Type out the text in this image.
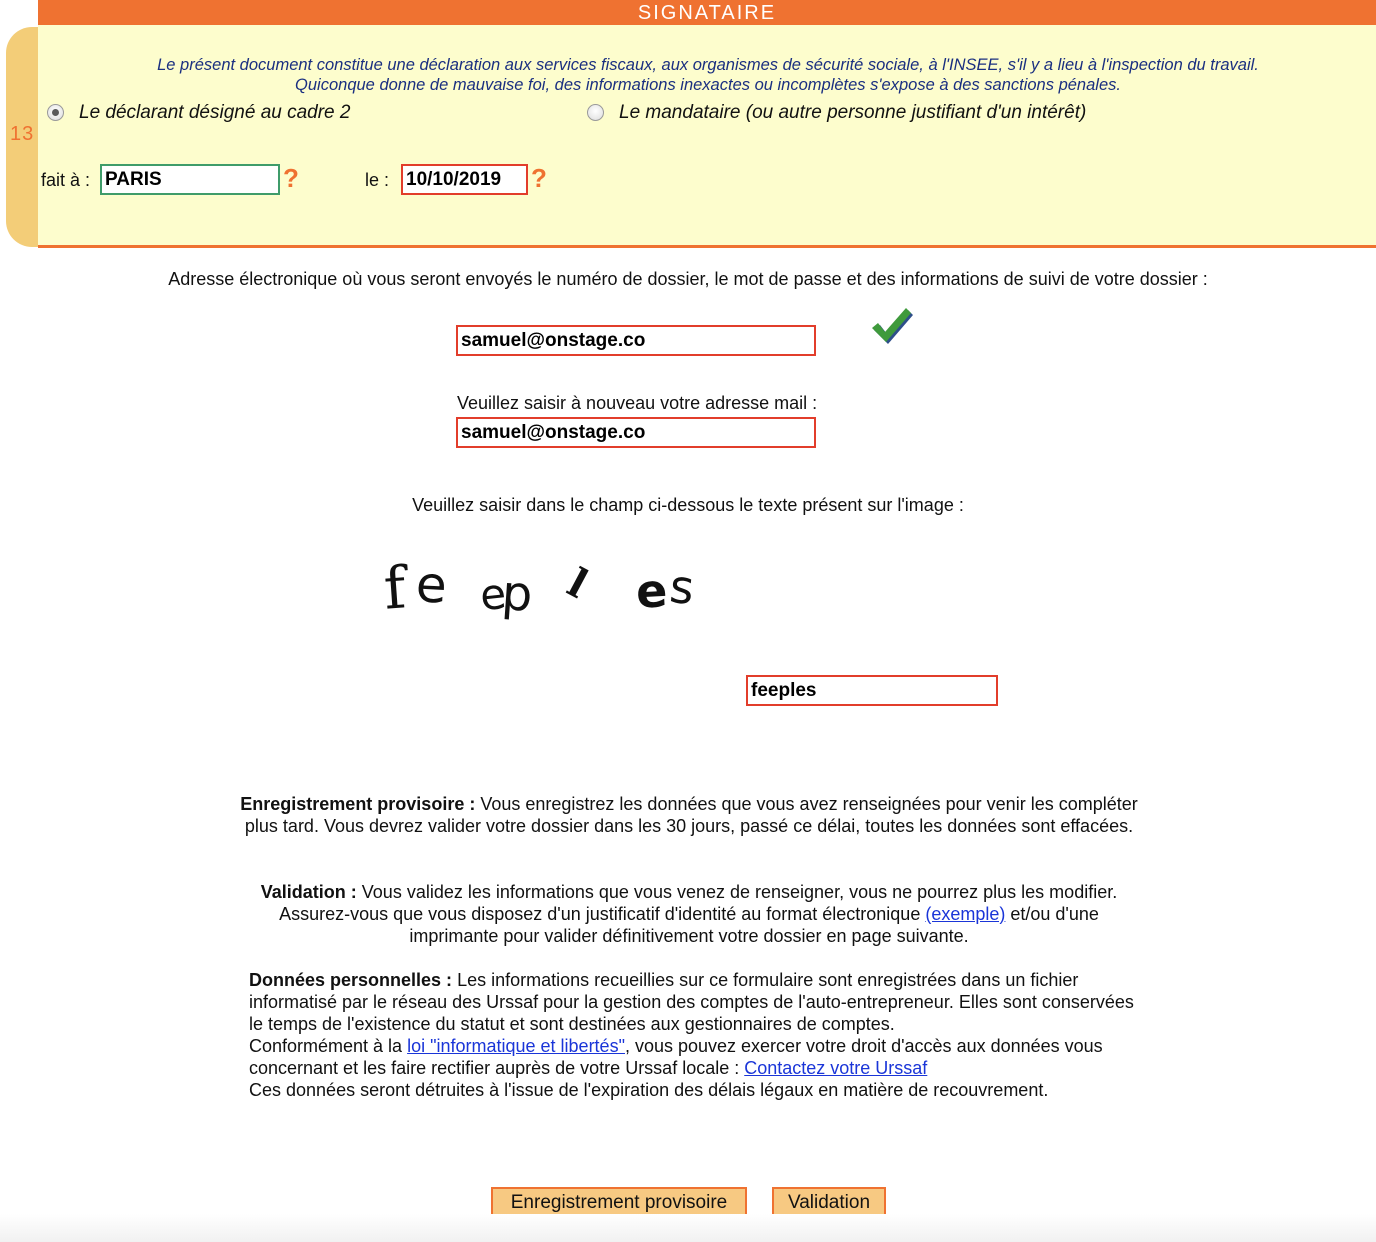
SIGNATAIRE
13
Le présent document constitue une déclaration aux services fiscaux, aux organismes de sécurité sociale, à l'INSEE, s'il y a lieu à l'inspection du travail.
Quiconque donne de mauvaise foi, des informations inexactes ou incomplètes s'expose à des sanctions pénales.
Le déclarant désigné au cadre 2	Le mandataire (ou autre personne justifiant d'un intérêt)
fait à :
PARIS	?	le :
10/10/2019	?
Adresse électronique où vous seront envoyés le numéro de dossier, le mot de passe et des informations de suivi de votre dossier :
samuel@onstage.co
Veuillez saisir à nouveau votre adresse mail :
samuel@onstage.co
Veuillez saisir dans le champ ci-dessous le texte présent sur l'image :
f e e
p l e
s
feeples
Enregistrement provisoire : Vous enregistrez les données que vous avez renseignées pour venir les compléter plus tard. Vous devrez valider votre dossier dans les 30 jours, passé ce délai, toutes les données sont effacées.
Validation : Vous validez les informations que vous venez de renseigner, vous ne pourrez plus les modifier. Assurez-vous que vous disposez d'un justificatif d'identité au format électronique (exemple) et/ou d'une imprimante pour valider définitivement votre dossier en page suivante.
Données personnelles : Les informations recueillies sur ce formulaire sont enregistrées dans un fichier informatisé par le réseau des Urssaf pour la gestion des comptes de l'auto-entrepreneur. Elles sont conservées le temps de l'existence du statut et sont destinées aux gestionnaires de comptes.
Conformément à la loi "informatique et libertés", vous pouvez exercer votre droit d'accès aux données vous concernant et les faire rectifier auprès de votre Urssaf locale : Contactez votre Urssaf
Ces données seront détruites à l'issue de l'expiration des délais légaux en matière de recouvrement.
Enregistrement provisoire	Validation
